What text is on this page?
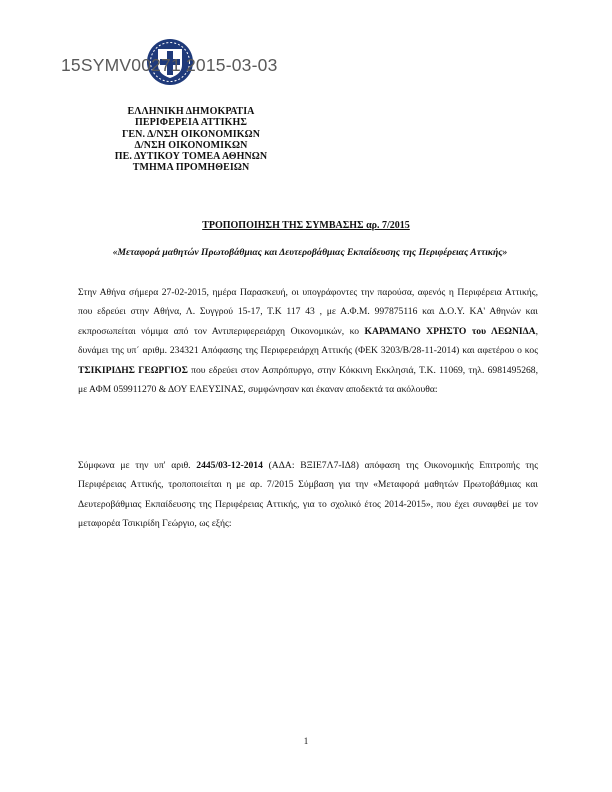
15SYMV00271 2015-03-03
ΕΛΛΗΝΙΚΗ ΔΗΜΟΚΡΑΤΙΑ
ΠΕΡΙΦΕΡΕΙΑ ΑΤΤΙΚΗΣ
ΓΕΝ. Δ/ΝΣΗ ΟΙΚΟΝΟΜΙΚΩΝ
Δ/ΝΣΗ ΟΙΚΟΝΟΜΙΚΩΝ
ΠΕ. ΔΥΤΙΚΟΥ ΤΟΜΕΑ ΑΘΗΝΩΝ
ΤΜΗΜΑ ΠΡΟΜΗΘΕΙΩΝ
ΤΡΟΠΟΠΟΙΗΣΗ ΤΗΣ ΣΥΜΒΑΣΗΣ αρ. 7/2015
«Μεταφορά μαθητών Πρωτοβάθμιας και Δευτεροβάθμιας Εκπαίδευσης της Περιφέρειας Αττικής»
Στην Αθήνα σήμερα 27-02-2015, ημέρα Παρασκευή, οι υπογράφοντες την παρούσα, αφενός η Περιφέρεια Αττικής, που εδρεύει στην Αθήνα, Λ. Συγγρού 15-17, Τ.Κ 117 43 , με Α.Φ.Μ. 997875116 και Δ.Ο.Υ. ΚΑ' Αθηνών και εκπροσωπείται νόμιμα από τον Αντιπεριφερειάρχη Οικονομικών, κο ΚΑΡΑΜΑΝΟ ΧΡΗΣΤΟ του ΛΕΩΝΙΔΑ, δυνάμει της υπ΄ αριθμ. 234321 Απόφασης της Περιφερειάρχη Αττικής (ΦΕΚ 3203/Β/28-11-2014) και αφετέρου ο κος ΤΣΙΚΙΡΙΔΗΣ ΓΕΩΡΓΙΟΣ που εδρεύει στον Ασπρόπυργο, στην Κόκκινη Εκκλησιά, Τ.Κ. 11069, τηλ. 6981495268, με ΑΦΜ 059911270 & ΔΟΥ ΕΛΕΥΣΙΝΑΣ, συμφώνησαν και έκαναν αποδεκτά τα ακόλουθα:
Σύμφωνα με την υπ' αριθ. 2445/03-12-2014 (ΑΔΑ: ΒΞΙΕ7Λ7-ΙΔ8) απόφαση της Οικονομικής Επιτροπής της Περιφέρειας Αττικής, τροποποιείται η με αρ. 7/2015 Σύμβαση για την «Μεταφορά μαθητών Πρωτοβάθμιας και Δευτεροβάθμιας Εκπαίδευσης της Περιφέρειας Αττικής, για το σχολικό έτος 2014-2015», που έχει συναφθεί με τον μεταφορέα Τσικιρίδη Γεώργιο, ως εξής:
1
